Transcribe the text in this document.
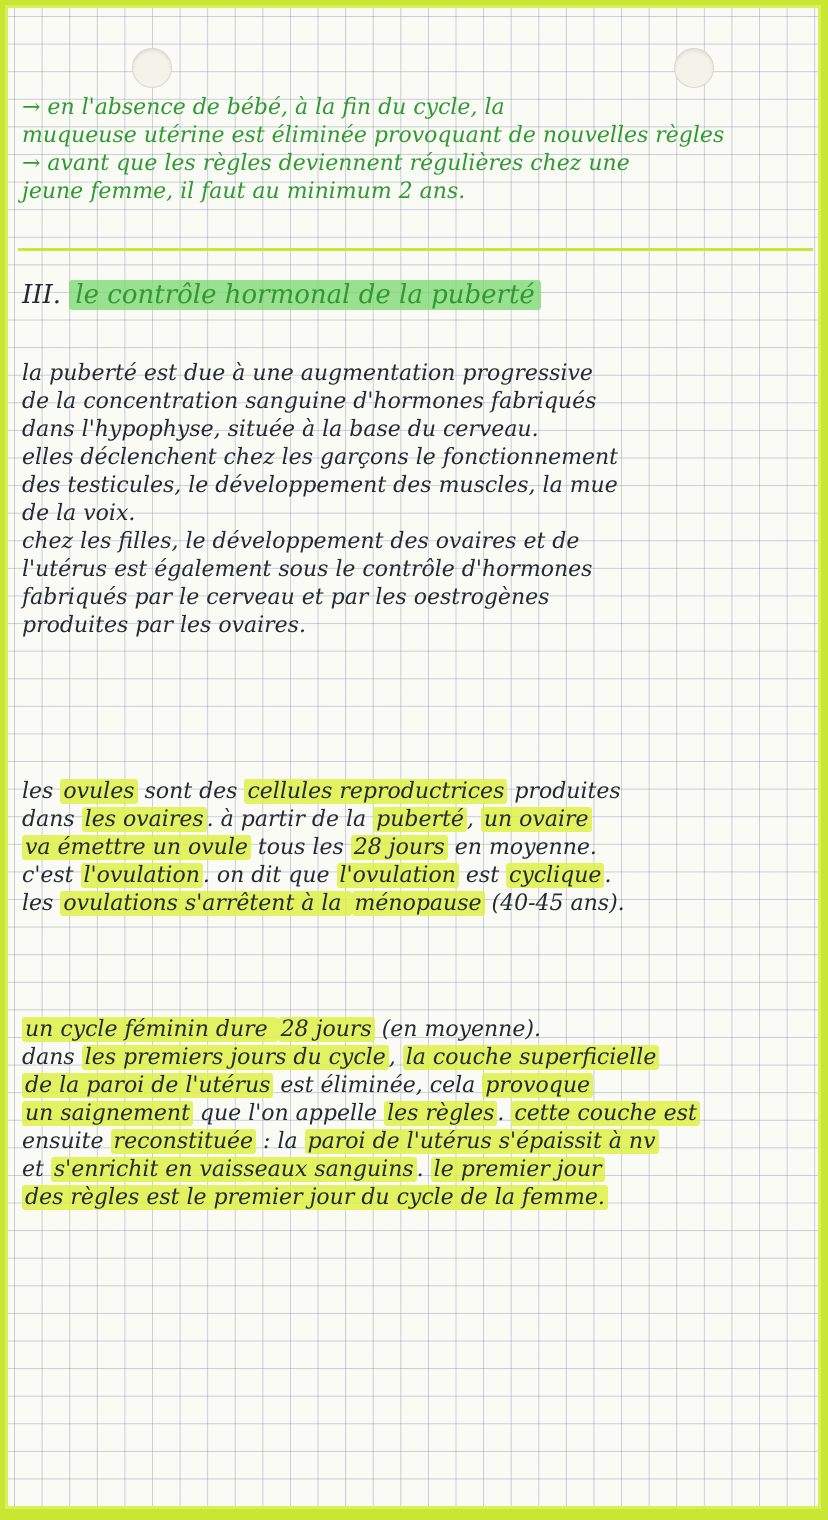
→ en l'absence de bébé, à la fin du cycle, la
muqueuse utérine est éliminée provoquant de nouvelles règles
→ avant que les règles deviennent régulières chez une
jeune femme, il faut au minimum 2 ans.
III. le contrôle hormonal de la puberté
la puberté est due à une augmentation progressive
de la concentration sanguine d'hormones fabriqués
dans l'hypophyse, située à la base du cerveau.
elles déclenchent chez les garçons le fonctionnement
des testicules, le développement des muscles, la mue
de la voix.
chez les filles, le développement des ovaires et de
l'utérus est également sous le contrôle d'hormones
fabriqués par le cerveau et par les oestrogènes
produites par les ovaires.
les ovules sont des cellules reproductrices produites
dans les ovaires . à partir de la puberté , un ovaire
va émettre un ovule tous les 28 jours en moyenne.
c'est l'ovulation . on dit que l'ovulation est cyclique .
les ovulations s'arrêtent à la ménopause (40-45 ans).
un cycle féminin dure 28 jours (en moyenne).
dans les premiers jours du cycle , la couche superficielle
de la paroi de l'utérus est éliminée, cela provoque
un saignement que l'on appelle les règles . cette couche est
ensuite reconstituée : la paroi de l'utérus s'épaissit à nv
et s'enrichit en vaisseaux sanguins . le premier jour
des règles est le premier jour du cycle de la femme.
